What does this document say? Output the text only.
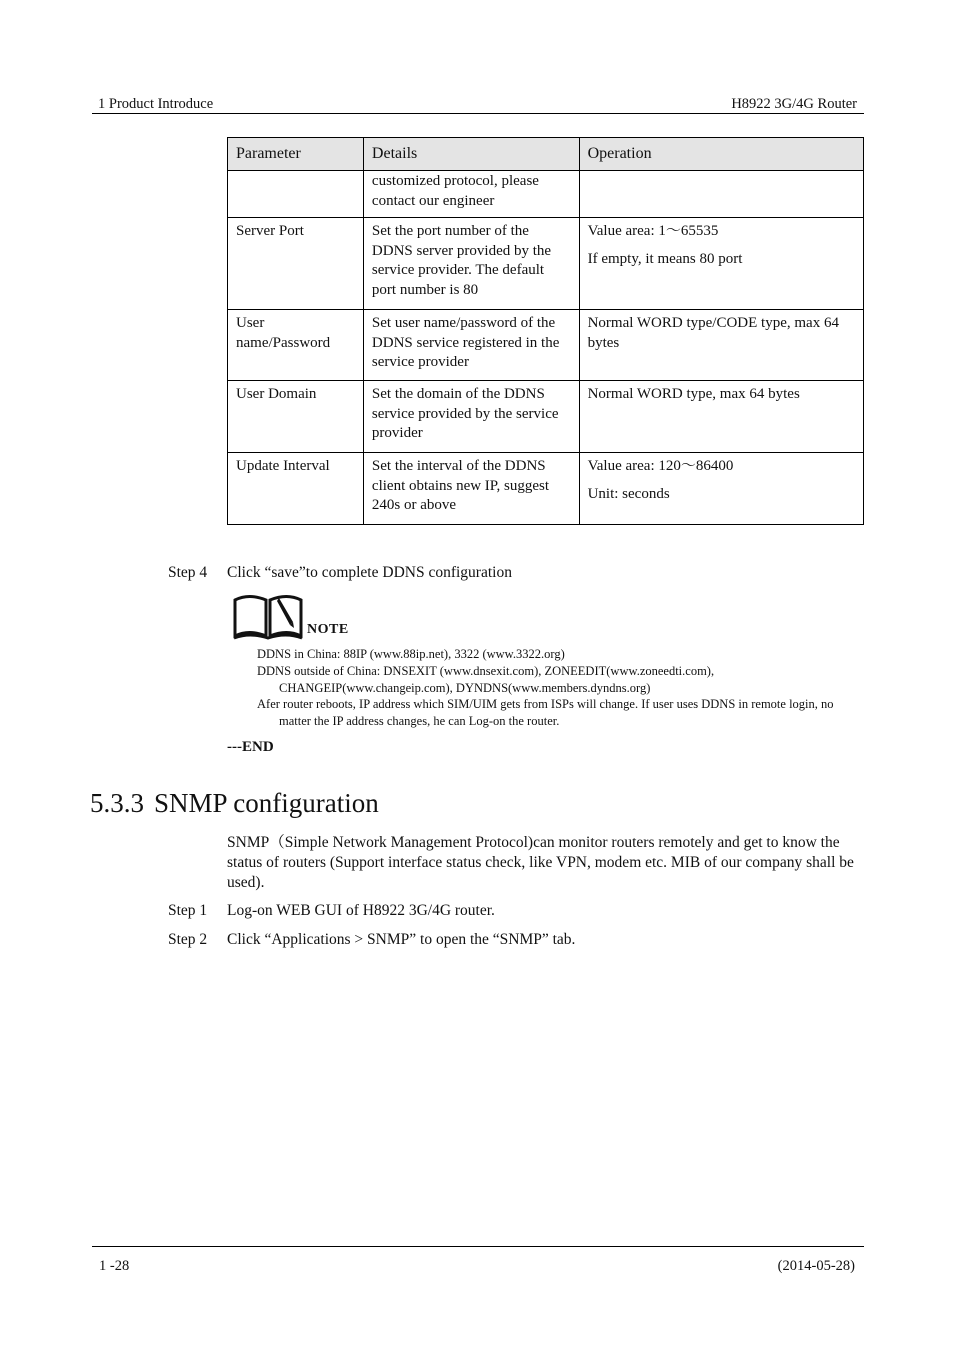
1 Product Introduce	H8922 3G/4G Router
Parameter	Details	Operation
	customized protocol, please contact our engineer	
Server Port	Set the port number of the DDNS server provided by the service provider. The default port number is 80	Value area: 1～65535
If empty, it means 80 port

User name/Password	Set user name/password of the DDNS service registered in the service provider	Normal WORD type/CODE type, max 64 bytes

User Domain	Set the domain of the DDNS service provided by the service provider	Normal WORD type, max 64 bytes

Update Interval	Set the interval of the DDNS client obtains new IP, suggest 240s or above	Value area: 120～86400
Unit: seconds
Step 4 Click “save”to complete DDNS configuration
NOTE
DDNS in China: 88IP (www.88ip.net), 3322 (www.3322.org)
DDNS outside of China: DNSEXIT (www.dnsexit.com), ZONEEDIT(www.zoneedti.com), CHANGEIP(www.changeip.com), DYNDNS(www.members.dyndns.org)
Afer router reboots, IP address which SIM/UIM gets from ISPs will change. If user uses DDNS in remote login, no matter the IP address changes, he can Log-on the router.
---END
5.3.3 SNMP configuration
SNMP（Simple Network Management Protocol)can monitor routers remotely and get to know the status of routers (Support interface status check, like VPN, modem etc. MIB of our company shall be used).
Step 1 Log-on WEB GUI of H8922 3G/4G router.
Step 2 Click “Applications > SNMP” to open the “SNMP” tab.
1 -28	(2014-05-28)
